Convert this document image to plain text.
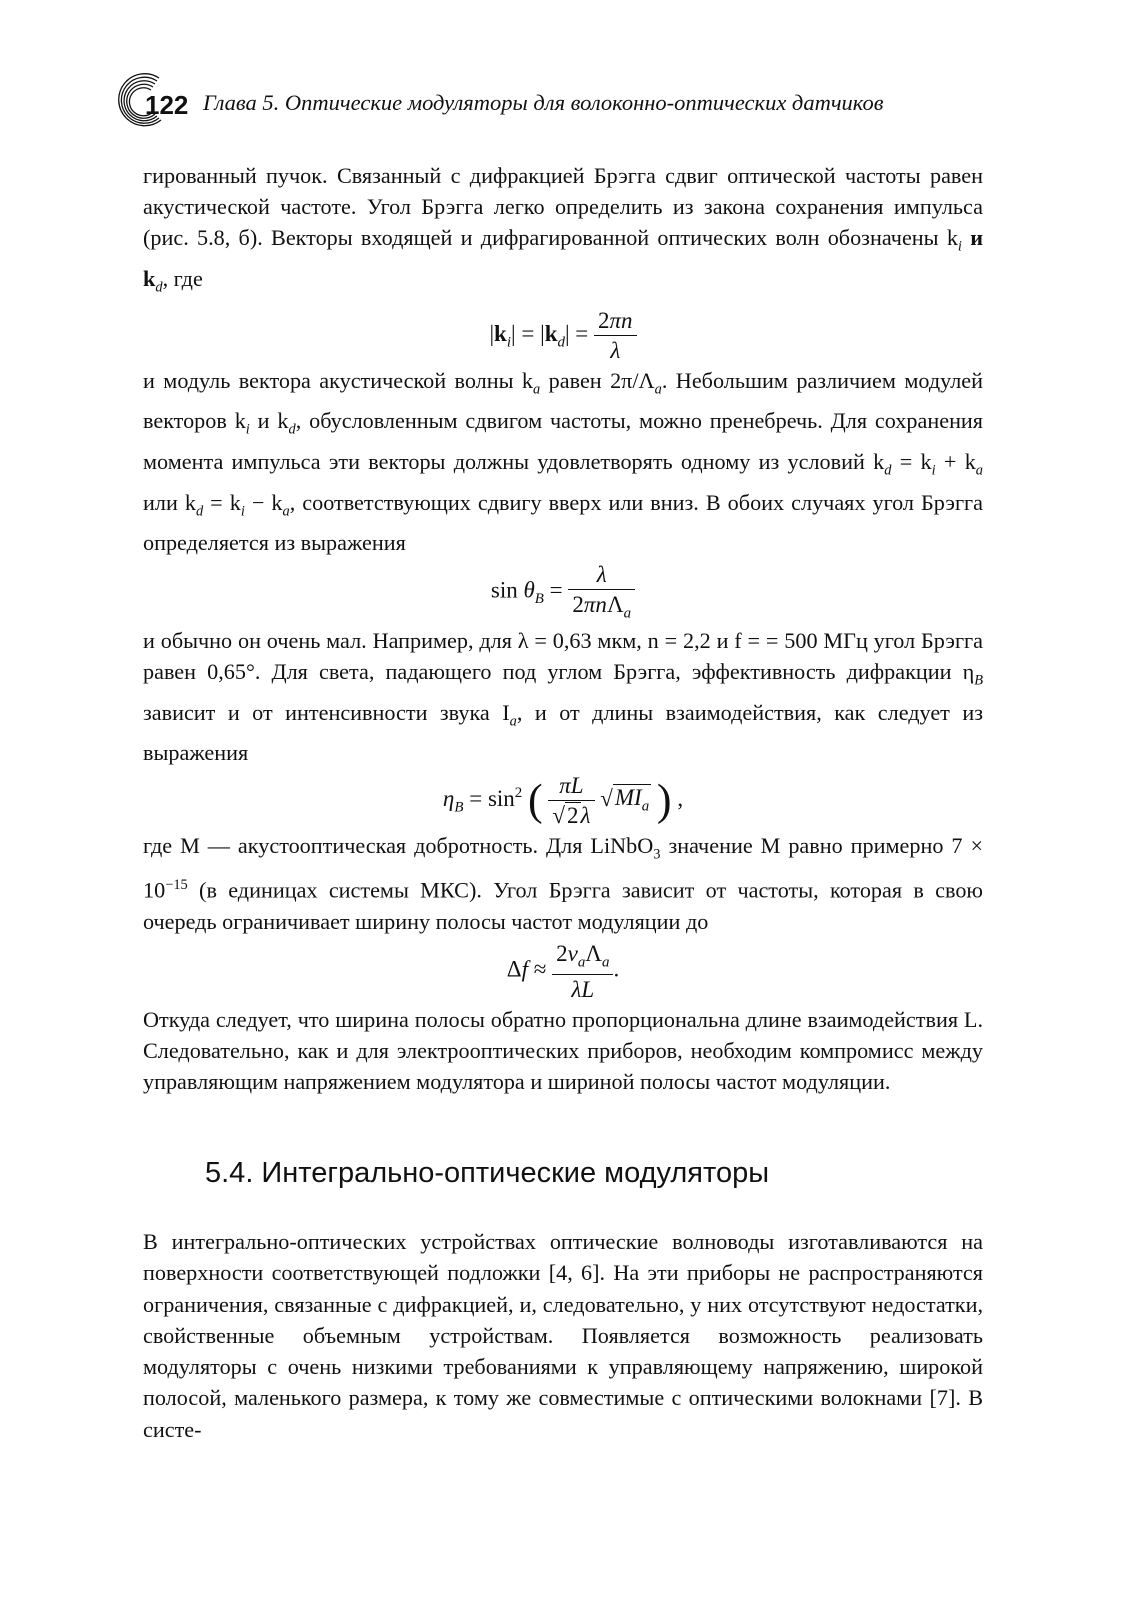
122 Глава 5. Оптические модуляторы для волоконно-оптических датчиков

гированный пучок. Связанный с дифракцией Брэгга сдвиг оптической частоты равен акустической частоте. Угол Брэгга легко определить из закона сохранения импульса (рис. 5.8, б). Векторы входящей и дифрагированной оптических волн обозначены $k_i$ и $k_d$, где

$|k_i| = |k_d| = \frac{2\pi n}{\lambda}$

и модуль вектора акустической волны $k_a$ равен $2\pi/\Lambda_a$. Небольшим различием модулей векторов $k_i$ и $k_d$, обусловленным сдвигом частоты, можно пренебречь. Для сохранения момента импульса эти векторы должны удовлетворять одному из условий $k_d = k_i + k_a$ или $k_d = k_i - k_a$, соответствующих сдвигу вверх или вниз. В обоих случаях угол Брэгга определяется из выражения

$\sin \theta_B = \frac{\lambda}{2\pi n\Lambda_a}$

и обычно он очень мал. Например, для λ = 0,63 мкм, n = 2,2 и f = = 500 МГц угол Брэгга равен 0,65°. Для света, падающего под углом Брэгга, эффективность дифракции $\eta_B$ зависит и от интенсивности звука $I_a$, и от длины взаимодействия, как следует из выражения

$\eta_B = \sin^2$ ( $\frac{\pi L}{√2\lambda} √MI_a$ ) ,

где M — акустооптическая добротность. Для LiNbO$_3$ значение M равно примерно $7 \times 10^{-15}$ (в единицах системы МКС). Угол Брэгга зависит от частоты, которая в свою очередь ограничивает ширину полосы частот модуляции до

$\Delta f \approx \frac{2v_a\Lambda_a}{\lambda L}$ .

Откуда следует, что ширина полосы обратно пропорциональна длине взаимодействия L. Следовательно, как и для электрооптических приборов, необходим компромисс между управляющим напряжением модулятора и шириной полосы частот модуляции.

5.4. Интегрально-оптические модуляторы

В интегрально-оптических устройствах оптические волноводы изготавливаются на поверхности соответствующей подложки [4, 6]. На эти приборы не распространяются ограничения, связанные с дифракцией, и, следовательно, у них отсутствуют недостатки, свойственные объемным устройствам. Появляется возможность реализовать модуляторы с очень низкими требованиями к управляющему напряжению, широкой полосой, маленького размера, к тому же совместимые с оптическими волокнами [7]. В систе-
